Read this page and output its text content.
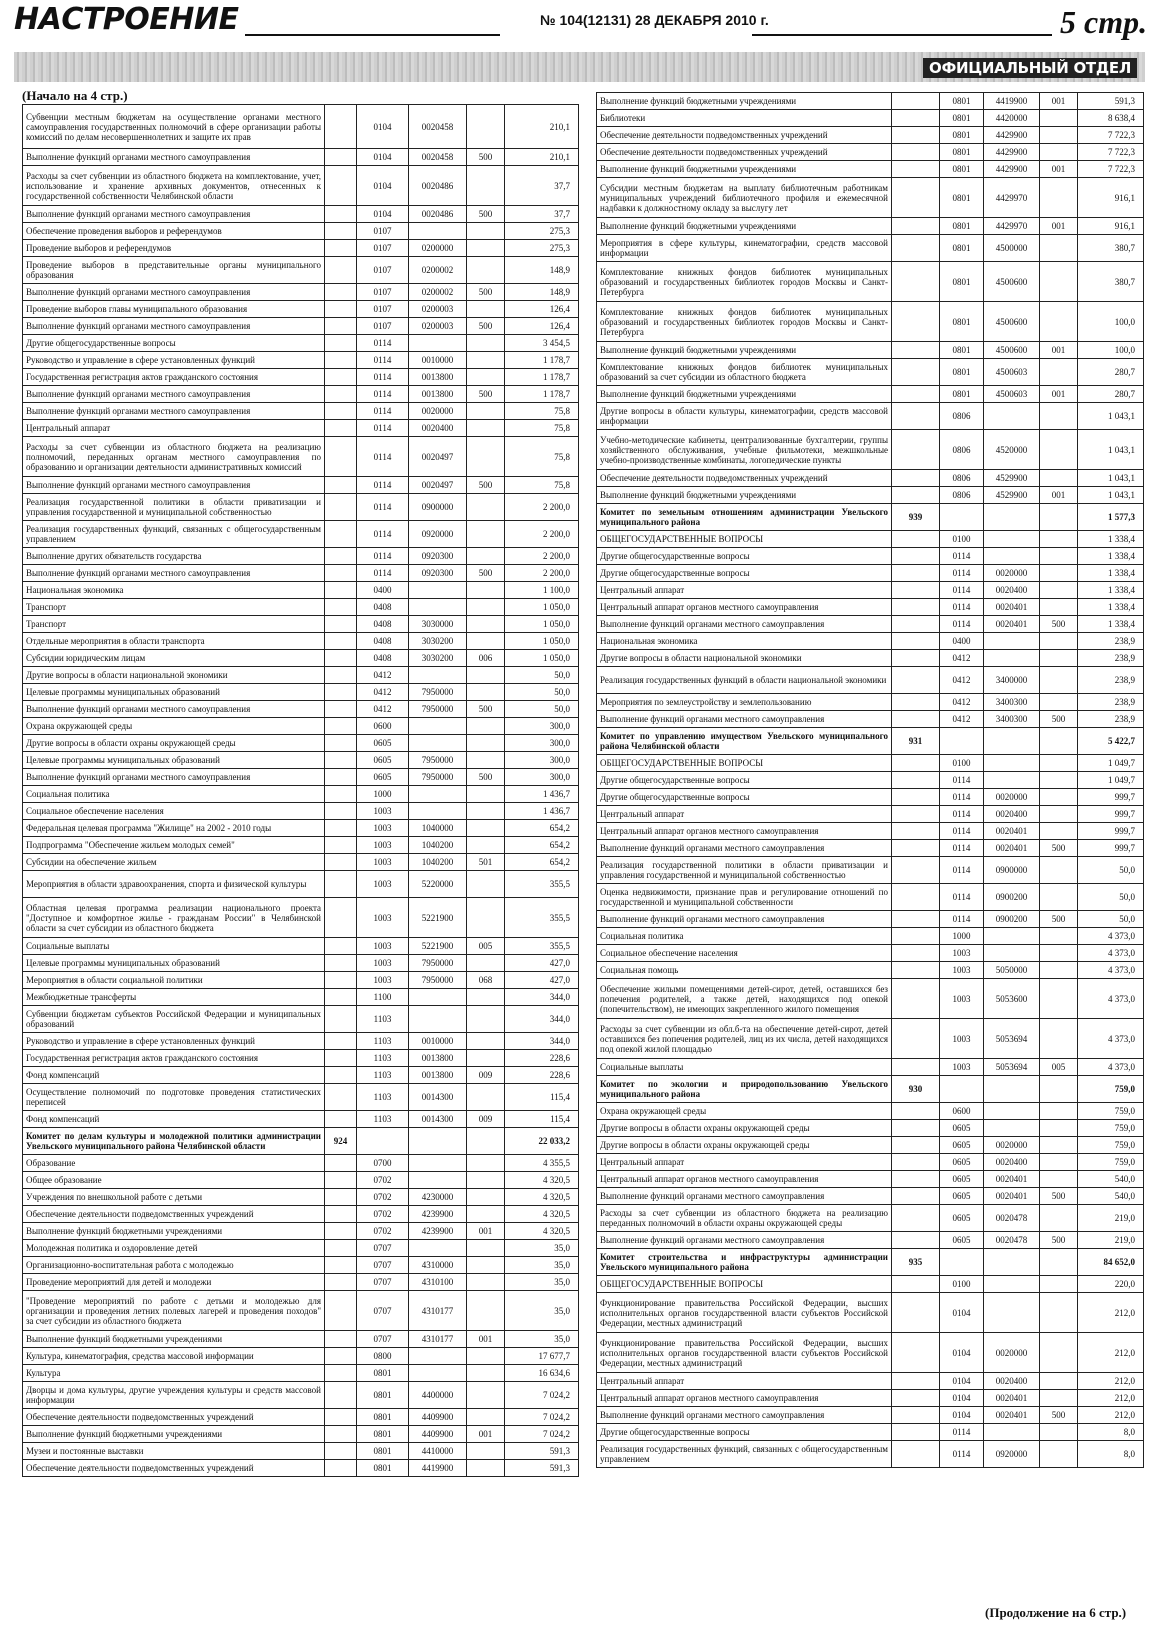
НАСТРОЕНИЕ	№ 104(12131) 28 ДЕКАБРЯ 2010 г.	5 стр.
ОФИЦИАЛЬНЫЙ ОТДЕЛ
(Начало на 4 стр.)
Субвенции местным бюджетам на осуществление органами местного самоуправления государственных полномочий в сфере организации работы комиссий по делам несовершеннолетних и защите их прав		0104	0020458		210,1
Выполнение функций органами местного самоуправления		0104	0020458	500	210,1
Расходы за счет субвенции из областного бюджета на комплектование, учет, использование и хранение архивных документов, отнесенных к государственной собственности Челябинской области		0104	0020486		37,7
Выполнение функций органами местного самоуправления		0104	0020486	500	37,7
Обеспечение проведения выборов и референдумов		0107			275,3
Проведение выборов и референдумов		0107	0200000		275,3
Проведение выборов в представительные органы муниципального образования		0107	0200002		148,9
Выполнение функций органами местного самоуправления		0107	0200002	500	148,9
Проведение выборов главы муниципального образования		0107	0200003		126,4
Выполнение функций органами местного самоуправления		0107	0200003	500	126,4
Другие общегосударственные вопросы		0114			3 454,5
Руководство и управление в сфере установленных функций		0114	0010000		1 178,7
Государственная регистрация актов гражданского состояния		0114	0013800		1 178,7
Выполнение функций органами местного самоуправления		0114	0013800	500	1 178,7
Выполнение функций органами местного самоуправления		0114	0020000		75,8
Центральный аппарат		0114	0020400		75,8
Расходы за счет субвенции из областного бюджета на реализацию полномочий, переданных органам местного самоуправления по образованию и организации деятельности административных комиссий		0114	0020497		75,8
Выполнение функций органами местного самоуправления		0114	0020497	500	75,8
Реализация государственной политики в области приватизации и управления государственной и муниципальной собственностью		0114	0900000		2 200,0
Реализация государственных функций, связанных с общегосударственным управлением		0114	0920000		2 200,0
Выполнение других обязательств государства		0114	0920300		2 200,0
Выполнение функций органами местного самоуправления		0114	0920300	500	2 200,0
Национальная экономика		0400			1 100,0
Транспорт		0408			1 050,0
Транспорт		0408	3030000		1 050,0
Отдельные мероприятия в области транспорта		0408	3030200		1 050,0
Субсидии юридическим лицам		0408	3030200	006	1 050,0
Другие вопросы в области национальной экономики		0412			50,0
Целевые программы муниципальных образований		0412	7950000		50,0
Выполнение функций органами местного самоуправления		0412	7950000	500	50,0
Охрана окружающей среды		0600			300,0
Другие вопросы в области охраны окружающей среды		0605			300,0
Целевые программы муниципальных образований		0605	7950000		300,0
Выполнение функций органами местного самоуправления		0605	7950000	500	300,0
Социальная политика		1000			1 436,7
Социальное обеспечение населения		1003			1 436,7
Федеральная целевая программа "Жилище" на 2002 - 2010 годы		1003	1040000		654,2
Подпрограмма "Обеспечение жильем молодых семей"		1003	1040200		654,2
Субсидии на обеспечение жильем		1003	1040200	501	654,2
Мероприятия в области здравоохранения, спорта и физической культуры		1003	5220000		355,5
Областная целевая программа реализации национального проекта "Доступное и комфортное жилье - гражданам России" в Челябинской области за счет субсидии из областного бюджета		1003	5221900		355,5
Социальные выплаты		1003	5221900	005	355,5
Целевые программы муниципальных образований		1003	7950000		427,0
Мероприятия в области социальной политики		1003	7950000	068	427,0
Межбюджетные трансферты		1100			344,0
Субвенции бюджетам субъектов Российской Федерации и муниципальных образований		1103			344,0
Руководство и управление в сфере установленных функций		1103	0010000		344,0
Государственная регистрация актов гражданского состояния		1103	0013800		228,6
Фонд компенсаций		1103	0013800	009	228,6
Осуществление полномочий по подготовке проведения статистических переписей		1103	0014300		115,4
Фонд компенсаций		1103	0014300	009	115,4
Комитет по делам культуры и молодежной политики администрации Увельского муниципального района Челябинской области	924				22 033,2
Образование		0700			4 355,5
Общее образование		0702			4 320,5
Учреждения по внешкольной работе с детьми		0702	4230000		4 320,5
Обеспечение деятельности подведомственных учреждений		0702	4239900		4 320,5
Выполнение функций бюджетными учреждениями		0702	4239900	001	4 320,5
Молодежная политика и оздоровление детей		0707			35,0
Организационно-воспитательная работа с молодежью		0707	4310000		35,0
Проведение мероприятий для детей и молодежи		0707	4310100		35,0
"Проведение мероприятий по работе с детьми и молодежью для организации и проведения летних полевых лагерей и проведения походов" за счет субсидии из областного бюджета		0707	4310177		35,0
Выполнение функций бюджетными учреждениями		0707	4310177	001	35,0
Культура, кинематография, средства массовой информации		0800			17 677,7
Культура		0801			16 634,6
Дворцы и дома культуры, другие учреждения культуры и средств массовой информации		0801	4400000		7 024,2
Обеспечение деятельности подведомственных учреждений		0801	4409900		7 024,2
Выполнение функций бюджетными учреждениями		0801	4409900	001	7 024,2
Музеи и постоянные выставки		0801	4410000		591,3
Обеспечение деятельности подведомственных учреждений		0801	4419900		591,3
Выполнение функций бюджетными учреждениями		0801	4419900	001	591,3
Библиотеки		0801	4420000		8 638,4
Обеспечение деятельности подведомственных учреждений		0801	4429900		7 722,3
Обеспечение деятельности подведомственных учреждений		0801	4429900		7 722,3
Выполнение функций бюджетными учреждениями		0801	4429900	001	7 722,3
Субсидии местным бюджетам на выплату библиотечным работникам муниципальных учреждений библиотечного профиля и ежемесячной надбавки к должностному окладу за выслугу лет		0801	4429970		916,1
Выполнение функций бюджетными учреждениями		0801	4429970	001	916,1
Мероприятия в сфере культуры, кинематографии, средств массовой информации		0801	4500000		380,7
Комплектование книжных фондов библиотек муниципальных образований и государственных библиотек городов Москвы и Санкт-Петербурга		0801	4500600		380,7
Комплектование книжных фондов библиотек муниципальных образований и государственных библиотек городов Москвы и Санкт-Петербурга		0801	4500600		100,0
Выполнение функций бюджетными учреждениями		0801	4500600	001	100,0
Комплектование книжных фондов библиотек муниципальных образований за счет субсидии из областного бюджета		0801	4500603		280,7
Выполнение функций бюджетными учреждениями		0801	4500603	001	280,7
Другие вопросы в области культуры, кинематографии, средств массовой информации		0806			1 043,1
Учебно-методические кабинеты, централизованные бухгалтерии, группы хозяйственного обслуживания, учебные фильмотеки, межшкольные учебно-производственные комбинаты, логопедические пункты		0806	4520000		1 043,1
Обеспечение деятельности подведомственных учреждений		0806	4529900		1 043,1
Выполнение функций бюджетными учреждениями		0806	4529900	001	1 043,1
Комитет по земельным отношениям администрации Увельского муниципального района	939				1 577,3
ОБЩЕГОСУДАРСТВЕННЫЕ ВОПРОСЫ		0100			1 338,4
Другие общегосударственные вопросы		0114			1 338,4
Другие общегосударственные вопросы		0114	0020000		1 338,4
Центральный аппарат		0114	0020400		1 338,4
Центральный аппарат органов местного самоуправления		0114	0020401		1 338,4
Выполнение функций органами местного самоуправления		0114	0020401	500	1 338,4
Национальная экономика		0400			238,9
Другие вопросы в области национальной экономики		0412			238,9
Реализация государственных функций в области национальной экономики		0412	3400000		238,9
Мероприятия по землеустройству и землепользованию		0412	3400300		238,9
Выполнение функций органами местного самоуправления		0412	3400300	500	238,9
Комитет по управлению имуществом Увельского муниципального района Челябинской области	931				5 422,7
ОБЩЕГОСУДАРСТВЕННЫЕ ВОПРОСЫ		0100			1 049,7
Другие общегосударственные вопросы		0114			1 049,7
Другие общегосударственные вопросы		0114	0020000		999,7
Центральный аппарат		0114	0020400		999,7
Центральный аппарат органов местного самоуправления		0114	0020401		999,7
Выполнение функций органами местного самоуправления		0114	0020401	500	999,7
Реализация государственной политики в области приватизации и управления государственной и муниципальной собственностью		0114	0900000		50,0
Оценка недвижимости, признание прав и регулирование отношений по государственной и муниципальной собственности		0114	0900200		50,0
Выполнение функций органами местного самоуправления		0114	0900200	500	50,0
Социальная политика		1000			4 373,0
Социальное обеспечение населения		1003			4 373,0
Социальная помощь		1003	5050000		4 373,0
Обеспечение жилыми помещениями детей-сирот, детей, оставшихся без попечения родителей, а также детей, находящихся под опекой (попечительством), не имеющих закрепленного жилого помещения		1003	5053600		4 373,0
Расходы за счет субвенции из обл.б-та на обеспечение детей-сирот, детей оставшихся без попечения родителей, лиц из их числа, детей находящихся под опекой жилой площадью		1003	5053694		4 373,0
Социальные выплаты		1003	5053694	005	4 373,0
Комитет по экологии и природопользованию Увельского муниципального района	930				759,0
Охрана окружающей среды		0600			759,0
Другие вопросы в области охраны окружающей среды		0605			759,0
Другие вопросы в области охраны окружающей среды		0605	0020000		759,0
Центральный аппарат		0605	0020400		759,0
Центральный аппарат органов местного самоуправления		0605	0020401		540,0
Выполнение функций органами местного самоуправления		0605	0020401	500	540,0
Расходы за счет субвенции из областного бюджета на реализацию переданных полномочий в области охраны окружающей среды		0605	0020478		219,0
Выполнение функций органами местного самоуправления		0605	0020478	500	219,0
Комитет строительства и инфраструктуры администрации Увельского муниципального района	935				84 652,0
ОБЩЕГОСУДАРСТВЕННЫЕ ВОПРОСЫ		0100			220,0
Функционирование правительства Российской Федерации, высших исполнительных органов государственной власти субъектов Российской Федерации, местных администраций		0104			212,0
Функционирование правительства Российской Федерации, высших исполнительных органов государственной власти субъектов Российской Федерации, местных администраций		0104	0020000		212,0
Центральный аппарат		0104	0020400		212,0
Центральный аппарат органов местного самоуправления		0104	0020401		212,0
Выполнение функций органами местного самоуправления		0104	0020401	500	212,0
Другие общегосударственные вопросы		0114			8,0
Реализация государственных функций, связанных с общегосударственным управлением		0114	0920000		8,0
(Продолжение на 6 стр.)
